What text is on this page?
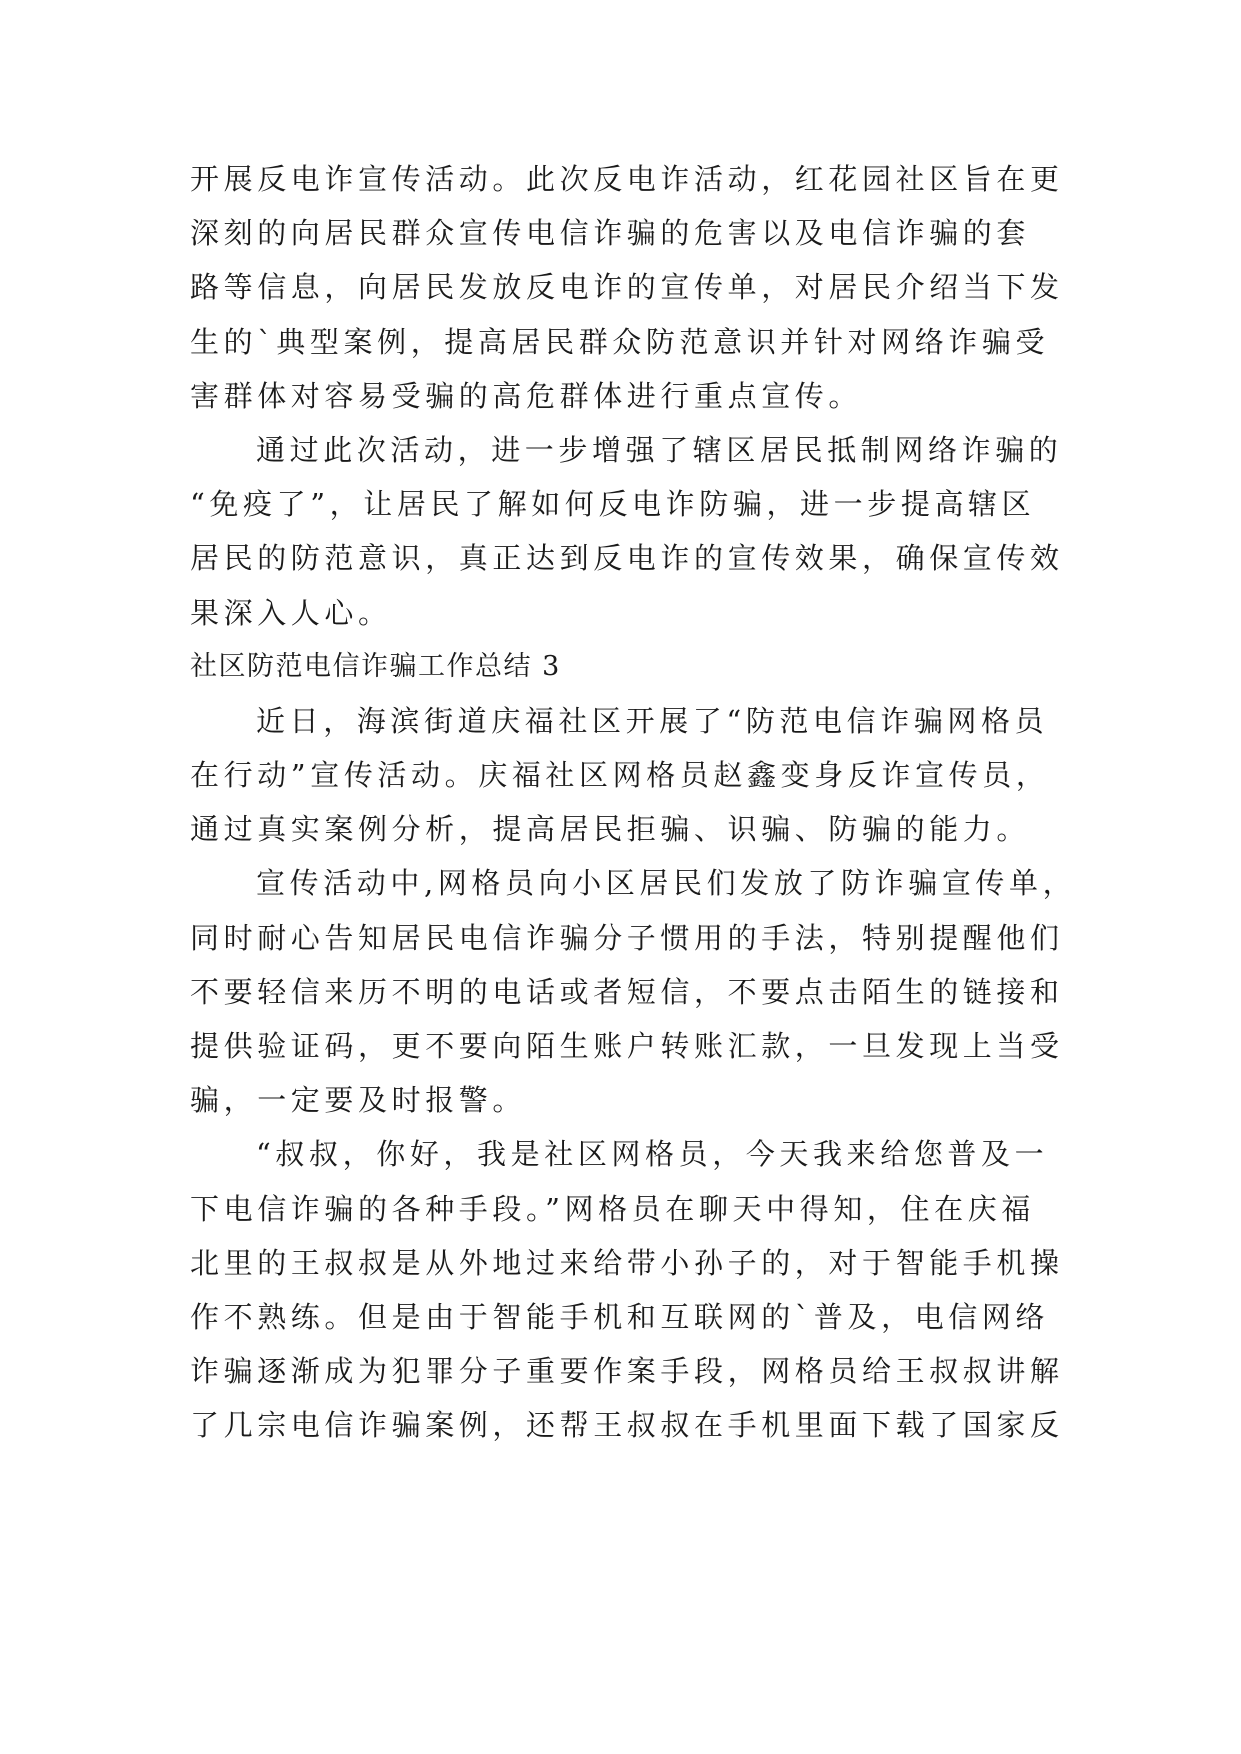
开展反电诈宣传活动。此次反电诈活动，红花园社区旨在更
深刻的向居民群众宣传电信诈骗的危害以及电信诈骗的套
路等信息，向居民发放反电诈的宣传单，对居民介绍当下发
生的`典型案例，提高居民群众防范意识并针对网络诈骗受
害群体对容易受骗的高危群体进行重点宣传。
通过此次活动，进一步增强了辖区居民抵制网络诈骗的
“免疫了”，让居民了解如何反电诈防骗，进一步提高辖区
居民的防范意识，真正达到反电诈的宣传效果，确保宣传效
果深入人心。
社区防范电信诈骗工作总结 3
近日，海滨街道庆福社区开展了“防范电信诈骗网格员
在行动”宣传活动。庆福社区网格员赵鑫变身反诈宣传员，
通过真实案例分析，提高居民拒骗、识骗、防骗的能力。
宣传活动中,网格员向小区居民们发放了防诈骗宣传单，
同时耐心告知居民电信诈骗分子惯用的手法，特别提醒他们
不要轻信来历不明的电话或者短信，不要点击陌生的链接和
提供验证码，更不要向陌生账户转账汇款，一旦发现上当受
骗，一定要及时报警。
“叔叔，你好，我是社区网格员，今天我来给您普及一
下电信诈骗的各种手段。”网格员在聊天中得知，住在庆福
北里的王叔叔是从外地过来给带小孙子的，对于智能手机操
作不熟练。但是由于智能手机和互联网的`普及，电信网络
诈骗逐渐成为犯罪分子重要作案手段，网格员给王叔叔讲解
了几宗电信诈骗案例，还帮王叔叔在手机里面下载了国家反
